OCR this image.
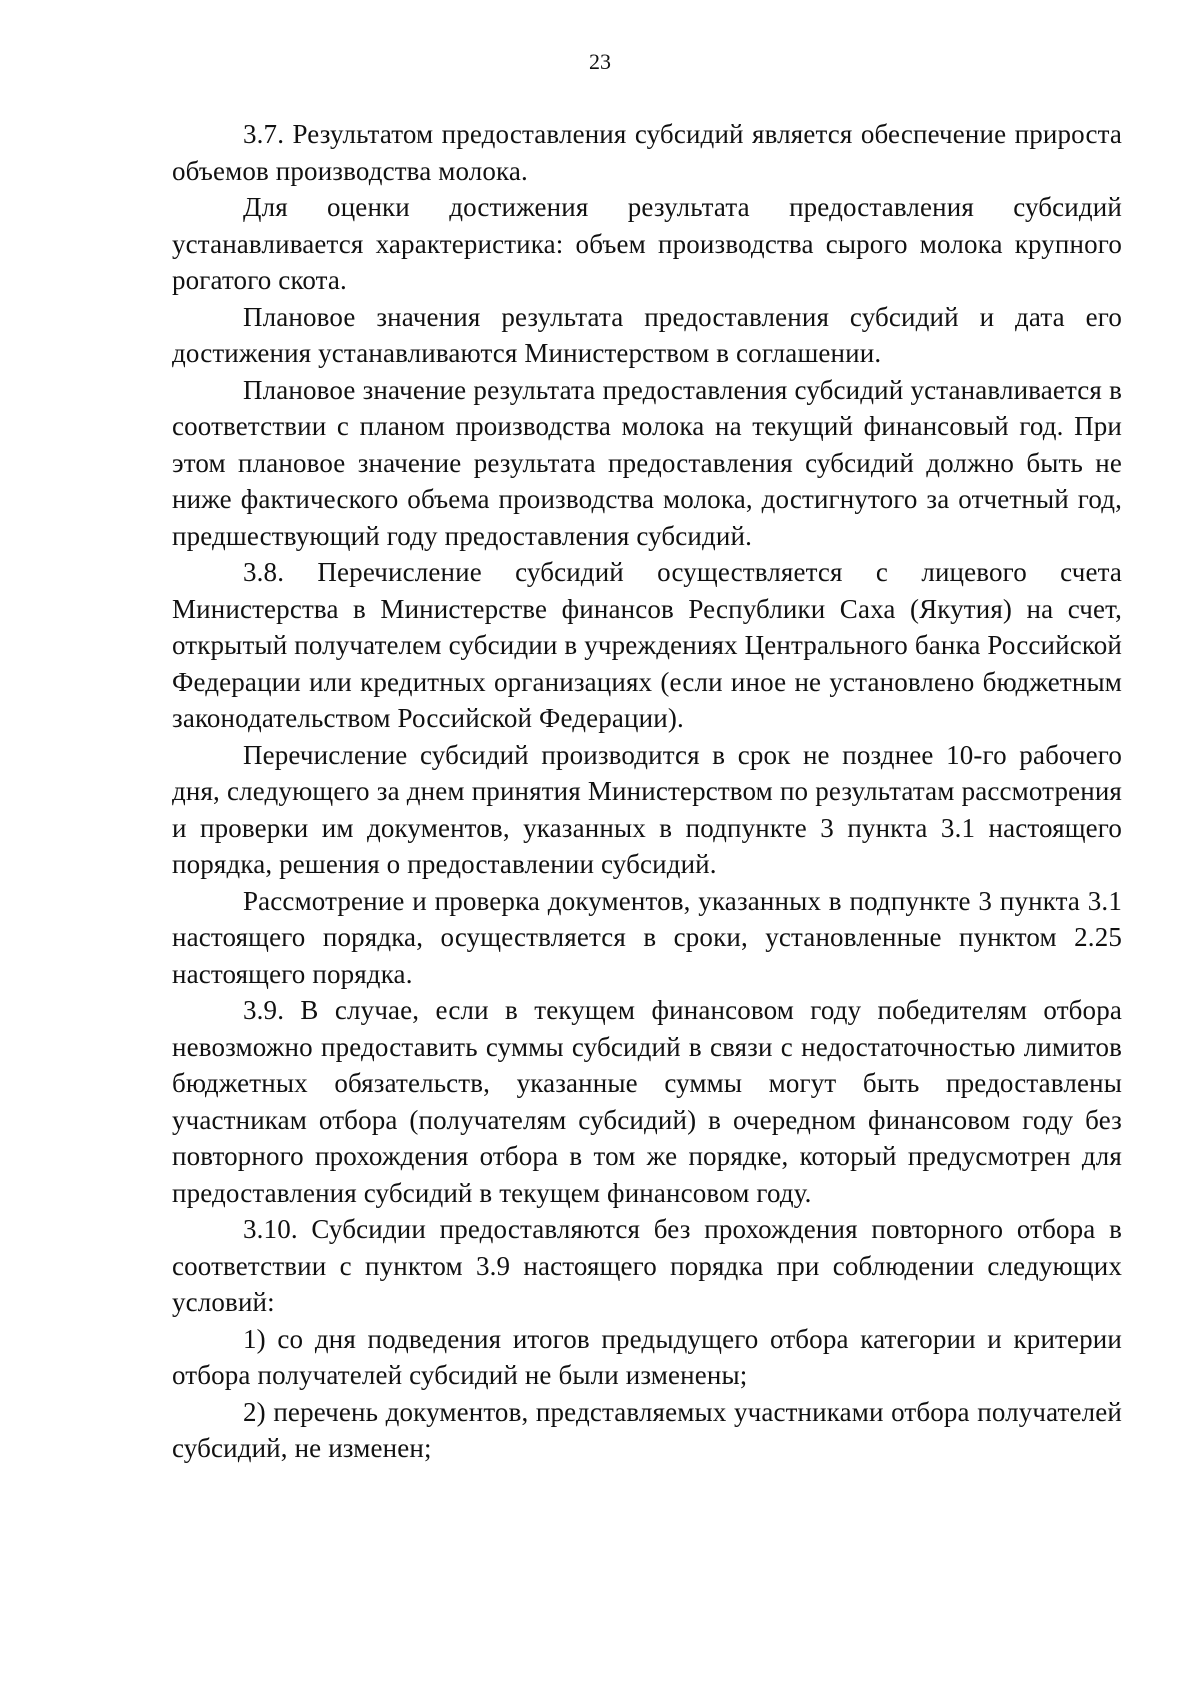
23

3.7. Результатом предоставления субсидий является обеспечение прироста объемов производства молока.

Для оценки достижения результата предоставления субсидий устанавливается характеристика: объем производства сырого молока крупного рогатого скота.

Плановое значения результата предоставления субсидий и дата его достижения устанавливаются Министерством в соглашении.

Плановое значение результата предоставления субсидий устанавливается в соответствии с планом производства молока на текущий финансовый год. При этом плановое значение результата предоставления субсидий должно быть не ниже фактического объема производства молока, достигнутого за отчетный год, предшествующий году предоставления субсидий.

3.8. Перечисление субсидий осуществляется с лицевого счета Министерства в Министерстве финансов Республики Саха (Якутия) на счет, открытый получателем субсидии в учреждениях Центрального банка Российской Федерации или кредитных организациях (если иное не установлено бюджетным законодательством Российской Федерации).

Перечисление субсидий производится в срок не позднее 10-го рабочего дня, следующего за днем принятия Министерством по результатам рассмотрения и проверки им документов, указанных в подпункте 3 пункта 3.1 настоящего порядка, решения о предоставлении субсидий.

Рассмотрение и проверка документов, указанных в подпункте 3 пункта 3.1 настоящего порядка, осуществляется в сроки, установленные пунктом 2.25 настоящего порядка.

3.9. В случае, если в текущем финансовом году победителям отбора невозможно предоставить суммы субсидий в связи с недостаточностью лимитов бюджетных обязательств, указанные суммы могут быть предоставлены участникам отбора (получателям субсидий) в очередном финансовом году без повторного прохождения отбора в том же порядке, который предусмотрен для предоставления субсидий в текущем финансовом году.

3.10. Субсидии предоставляются без прохождения повторного отбора в соответствии с пунктом 3.9 настоящего порядка при соблюдении следующих условий:

1) со дня подведения итогов предыдущего отбора категории и критерии отбора получателей субсидий не были изменены;

2) перечень документов, представляемых участниками отбора получателей субсидий, не изменен;
